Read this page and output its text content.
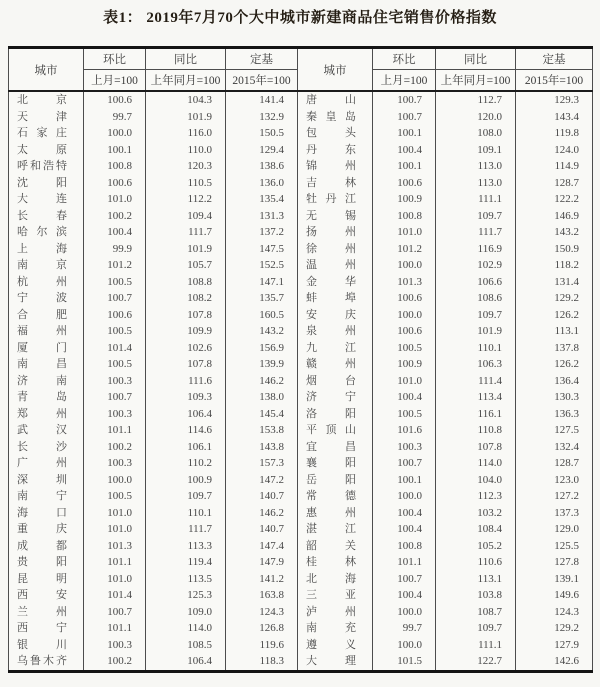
表1： 2019年7月70个大中城市新建商品住宅销售价格指数
城市	环比	同比	定基	城市	环比	同比	定基
	上月=100	上年同月=100	2015年=100		上月=100	上年同月=100	2015年=100
北京	100.6	104.3	141.4	唐山	100.7	112.7	129.3
天津	99.7	101.9	132.9	秦皇岛	100.7	120.0	143.4
石家庄	100.0	116.0	150.5	包头	100.1	108.0	119.8
太原	100.1	110.0	129.4	丹东	100.4	109.1	124.0
呼和浩特	100.8	120.3	138.6	锦州	100.1	113.0	114.9
沈阳	100.6	110.5	136.0	吉林	100.6	113.0	128.7
大连	101.0	112.2	135.4	牡丹江	100.9	111.1	122.2
长春	100.2	109.4	131.3	无锡	100.8	109.7	146.9
哈尔滨	100.4	111.7	137.2	扬州	101.0	111.7	143.2
上海	99.9	101.9	147.5	徐州	101.2	116.9	150.9
南京	101.2	105.7	152.5	温州	100.0	102.9	118.2
杭州	100.5	108.8	147.1	金华	101.3	106.6	131.4
宁波	100.7	108.2	135.7	蚌埠	100.6	108.6	129.2
合肥	100.6	107.8	160.5	安庆	100.0	109.7	126.2
福州	100.5	109.9	143.2	泉州	100.6	101.9	113.1
厦门	101.4	102.6	156.9	九江	100.5	110.1	137.8
南昌	100.5	107.8	139.9	赣州	100.9	106.3	126.2
济南	100.3	111.6	146.2	烟台	101.0	111.4	136.4
青岛	100.7	109.3	138.0	济宁	100.4	113.4	130.3
郑州	100.3	106.4	145.4	洛阳	100.5	116.1	136.3
武汉	101.1	114.6	153.8	平顶山	101.6	110.8	127.5
长沙	100.2	106.1	143.8	宜昌	100.3	107.8	132.4
广州	100.3	110.2	157.3	襄阳	100.7	114.0	128.7
深圳	100.0	100.9	147.2	岳阳	100.1	104.0	123.0
南宁	100.5	109.7	140.7	常德	100.0	112.3	127.2
海口	101.0	110.1	146.2	惠州	100.4	103.2	137.3
重庆	101.0	111.7	140.7	湛江	100.4	108.4	129.0
成都	101.3	113.3	147.4	韶关	100.8	105.2	125.5
贵阳	101.1	119.4	147.9	桂林	101.1	110.6	127.8
昆明	101.0	113.5	141.2	北海	100.7	113.1	139.1
西安	101.4	125.3	163.8	三亚	100.4	103.8	149.6
兰州	100.7	109.0	124.3	泸州	100.0	108.7	124.3
西宁	101.1	114.0	126.8	南充	99.7	109.7	129.2
银川	100.3	108.5	119.6	遵义	100.0	111.1	127.9
乌鲁木齐	100.2	106.4	118.3	大理	101.5	122.7	142.6
